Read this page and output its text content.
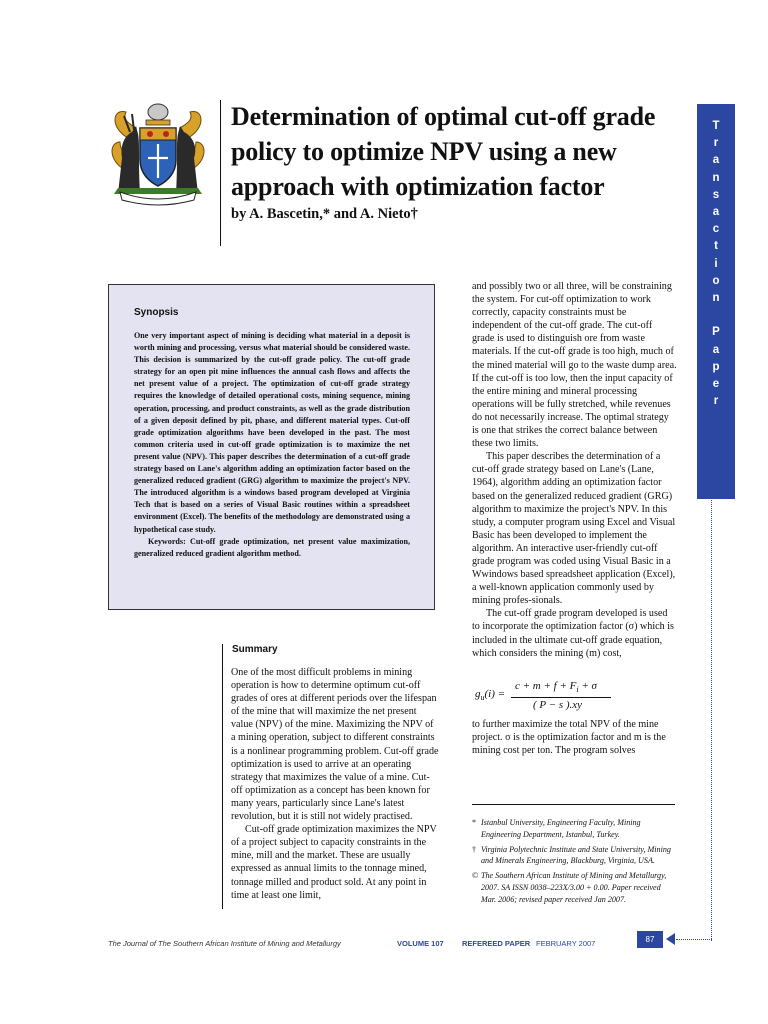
Determination of optimal cut-off grade policy to optimize NPV using a new approach with optimization factor

by A. Bascetin,* and A. Nieto†

T
r
a
n
s
a
c
t
i
o
n

P
a
p
e
r
Synopsis

One very important aspect of mining is deciding what material in a deposit is worth mining and processing, versus what material should be considered waste. This decision is summarized by the cut-off grade policy. The cut-off grade strategy for an open pit mine influences the annual cash flows and affects the net present value of a project. The optimization of cut-off grade strategy requires the knowledge of detailed operational costs, mining sequence, mining operation, processing, and product constraints, as well as the grade distribution of a given deposit defined by pit, phase, and different material types. Cut-off grade optimization algorithms have been developed in the past. The most common criteria used in cut-off grade optimization is to maximize the net present value (NPV). This paper describes the determination of a cut-off grade strategy based on Lane's algorithm adding an optimization factor based on the generalized reduced gradient (GRG) algorithm to maximize the project's NPV. The introduced algorithm is a windows based program developed at Virginia Tech that is based on a series of Visual Basic routines within a spreadsheet environment (Excel). The benefits of the methodology are demonstrated using a hypothetical case study.

Keywords: Cut-off grade optimization, net present value maximization, generalized reduced gradient algorithm method.

Summary

One of the most difficult problems in mining operation is how to determine optimum cut-off grades of ores at different periods over the lifespan of the mine that will maximize the net present value (NPV) of the mine. Maximizing the NPV of a mining operation, subject to different constraints is a nonlinear programming problem. Cut-off grade optimization is used to arrive at an operating strategy that maximizes the value of a mine. Cut-off optimization as a concept has been known for many years, particularly since Lane's latest revolution, but it is still not widely practised.

Cut-off grade optimization maximizes the NPV of a project subject to capacity constraints in the mine, mill and the market. These are usually expressed as annual limits to the tonnage mined, tonnage milled and product sold. At any point in time at least one limit,

and possibly two or all three, will be constraining the system. For cut-off optimization to work correctly, capacity constraints must be independent of the cut-off grade. The cut-off grade is used to distinguish ore from waste materials. If the cut-off grade is too high, much of the mined material will go to the waste dump area. If the cut-off is too low, then the input capacity of the entire mining and mineral processing operations will be fully stretched, while revenues do not necessarily increase. The optimal strategy is one that strikes the correct balance between these two limits.

This paper describes the determination of a cut-off grade strategy based on Lane's (Lane, 1964), algorithm adding an optimization factor based on the generalized reduced gradient (GRG) algorithm to maximize the project's NPV. In this study, a computer program using Excel and Visual Basic has been developed to implement the algorithm. An interactive user-friendly cut-off grade program was coded using Visual Basic in a Wwindows based spreadsheet application (Excel), a well-known application commonly used by mining profes-sionals.

The cut-off grade program developed is used to incorporate the optimization factor (σ) which is included in the ultimate cut-off grade equation, which considers the mining (m) cost,

$g_u(i)$ =
$c + m + f + F_i + \sigma$
( P − s ).xy

to further maximize the total NPV of the mine project. σ is the optimization factor and m is the mining cost per ton. The program solves

* Istanbul University, Engineering Faculty, Mining Engineering Department, Istanbul, Turkey.
† Virginia Polytechnic Institute and State University, Mining and Minerals Engineering, Blackburg, Virginia, USA.
© The Southern African Institute of Mining and Metallurgy, 2007. SA ISSN 0038–223X/3.00 + 0.00. Paper received Mar. 2006; revised paper received Jan 2007.
The Journal of The Southern African Institute of Mining and Metallurgy	VOLUME 107 REFEREED PAPER FEBRUARY 2007	87
